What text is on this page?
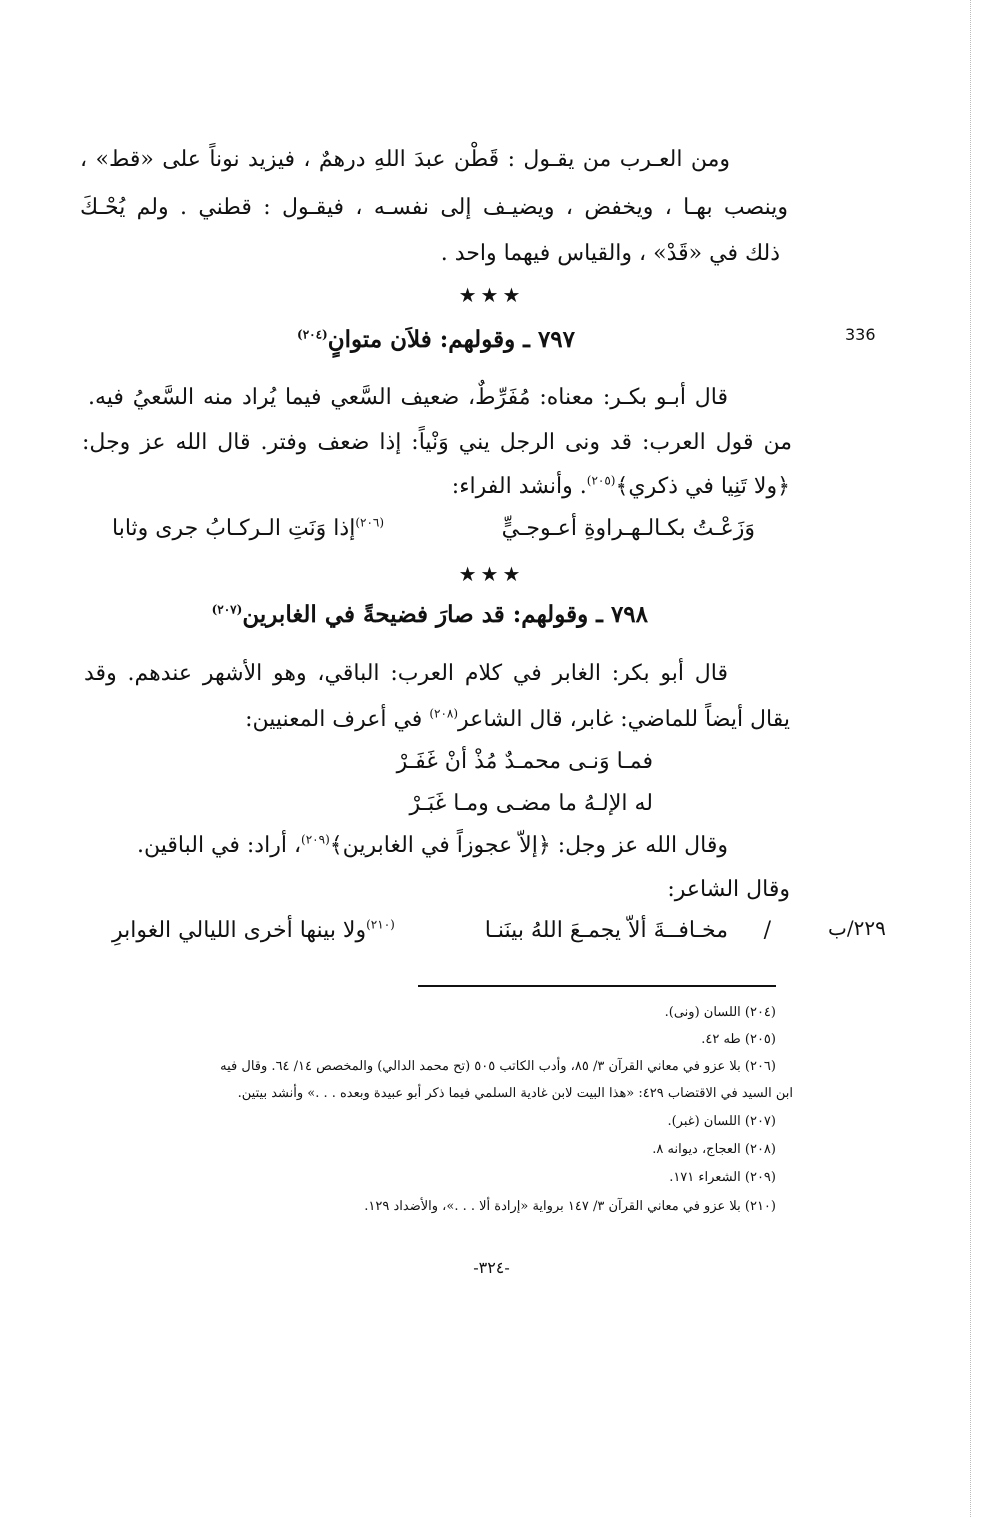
ومن العـرب من يقـول : قَطْن عبدَ اللهِ درهمٌ ، فيزيد نوناً على «قط» ،
وينصب بهـا ، ويخفض ، ويضيـف إلى نفسـه ، فيقـول : قطني . ولم يُحْـكَ
ذلك في «قَدْ» ، والقياس فيهما واحد .
★★★
336
٧٩٧ ـ وقولهم: فلاَن متوانٍ$^{(٢٠٤)}$
قال أبـو بكـر: معناه: مُفَرِّطٌ، ضعيف السَّعي فيما يُراد منه السَّعيُ فيه.
من قول العرب: قد ونى الرجل يني وَنْياً: إذا ضعف وفتر. قال الله عز وجل:
﴿ولا تَنِيا في ذكري﴾$^{(٢٠٥)}$. وأنشد الفراء:
وَزَعْـتُ بكـالـهـراوةِ أعـوجـيٍّ
$^{(٢٠٦)}$إذا وَنَتِ الـركـابُ جرى وثابا
★★★
٧٩٨ ـ وقولهم: قد صارَ فضيحةً في الغابرين$^{(٢٠٧)}$
قال أبو بكر: الغابر في كلام العرب: الباقي، وهو الأشهر عندهم. وقد
يقال أيضاً للماضي: غابر، قال الشاعر$^{(٢٠٨)}$ في أعرف المعنيين:
فمـا وَنـى محمـدٌ مُذْ أنْ غَفَـرْ
له الإلـهُ ما مضـى ومـا غَبَـرْ
وقال الله عز وجل: ﴿إلاّ عجوزاً في الغابرين﴾$^{(٢٠٩)}$، أراد: في الباقين.
وقال الشاعر:
٢٢٩/ب
/
مخـافــةَ ألاّ يجمـعَ اللهُ بينَنـا
$^{(٢١٠)}$ولا بينها أخرى الليالي الغوابرِ
(٢٠٤) اللسان (ونى).
(٢٠٥) طه ٤٢.
(٢٠٦) بلا عزو في معاني القرآن ٣/ ٨٥، وأدب الكاتب ٥٠٥ (تح محمد الدالي) والمخصص ١٤/ ٦٤. وقال فيه
ابن السيد في الاقتضاب ٤٢٩: «هذا البيت لابن غادية السلمي فيما ذكر أبو عبيدة وبعده . . .» وأنشد بيتين.
(٢٠٧) اللسان (غبر).
(٢٠٨) العجاج، ديوانه ٨.
(٢٠٩) الشعراء ١٧١.
(٢١٠) بلا عزو في معاني القرآن ٣/ ١٤٧ برواية «إرادة ألا . . .»، والأضداد ١٢٩.
-٣٢٤-
